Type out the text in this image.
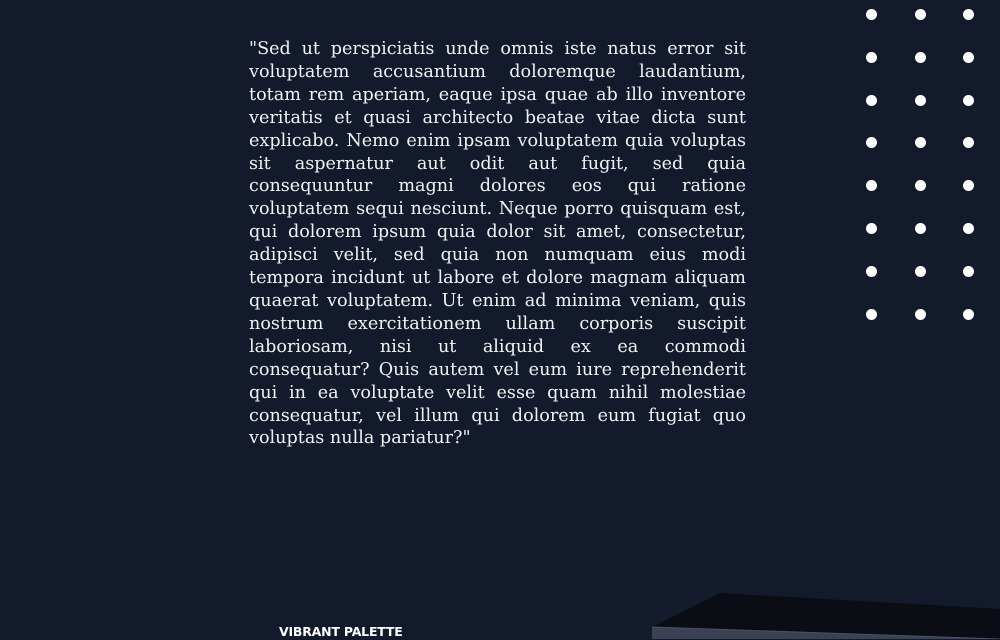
"Sed ut perspiciatis unde omnis iste natus error sit voluptatem accusantium doloremque laudantium, totam rem aperiam, eaque ipsa quae ab illo inventore veritatis et quasi architecto beatae vitae dicta sunt explicabo. Nemo enim ipsam voluptatem quia voluptas sit aspernatur aut odit aut fugit, sed quia consequuntur magni dolores eos qui ratione voluptatem sequi nesciunt. Neque porro quisquam est, qui dolorem ipsum quia dolor sit amet, consectetur, adipisci velit, sed quia non numquam eius modi tempora incidunt ut labore et dolore magnam aliquam quaerat voluptatem. Ut enim ad minima veniam, quis nostrum exercitationem ullam corporis suscipit laboriosam, nisi ut aliquid ex ea commodi consequatur? Quis autem vel eum iure reprehenderit qui in ea voluptate velit esse quam nihil molestiae consequatur, vel illum qui dolorem eum fugiat quo voluptas nulla pariatur?"

VIBRANT PALETTE
